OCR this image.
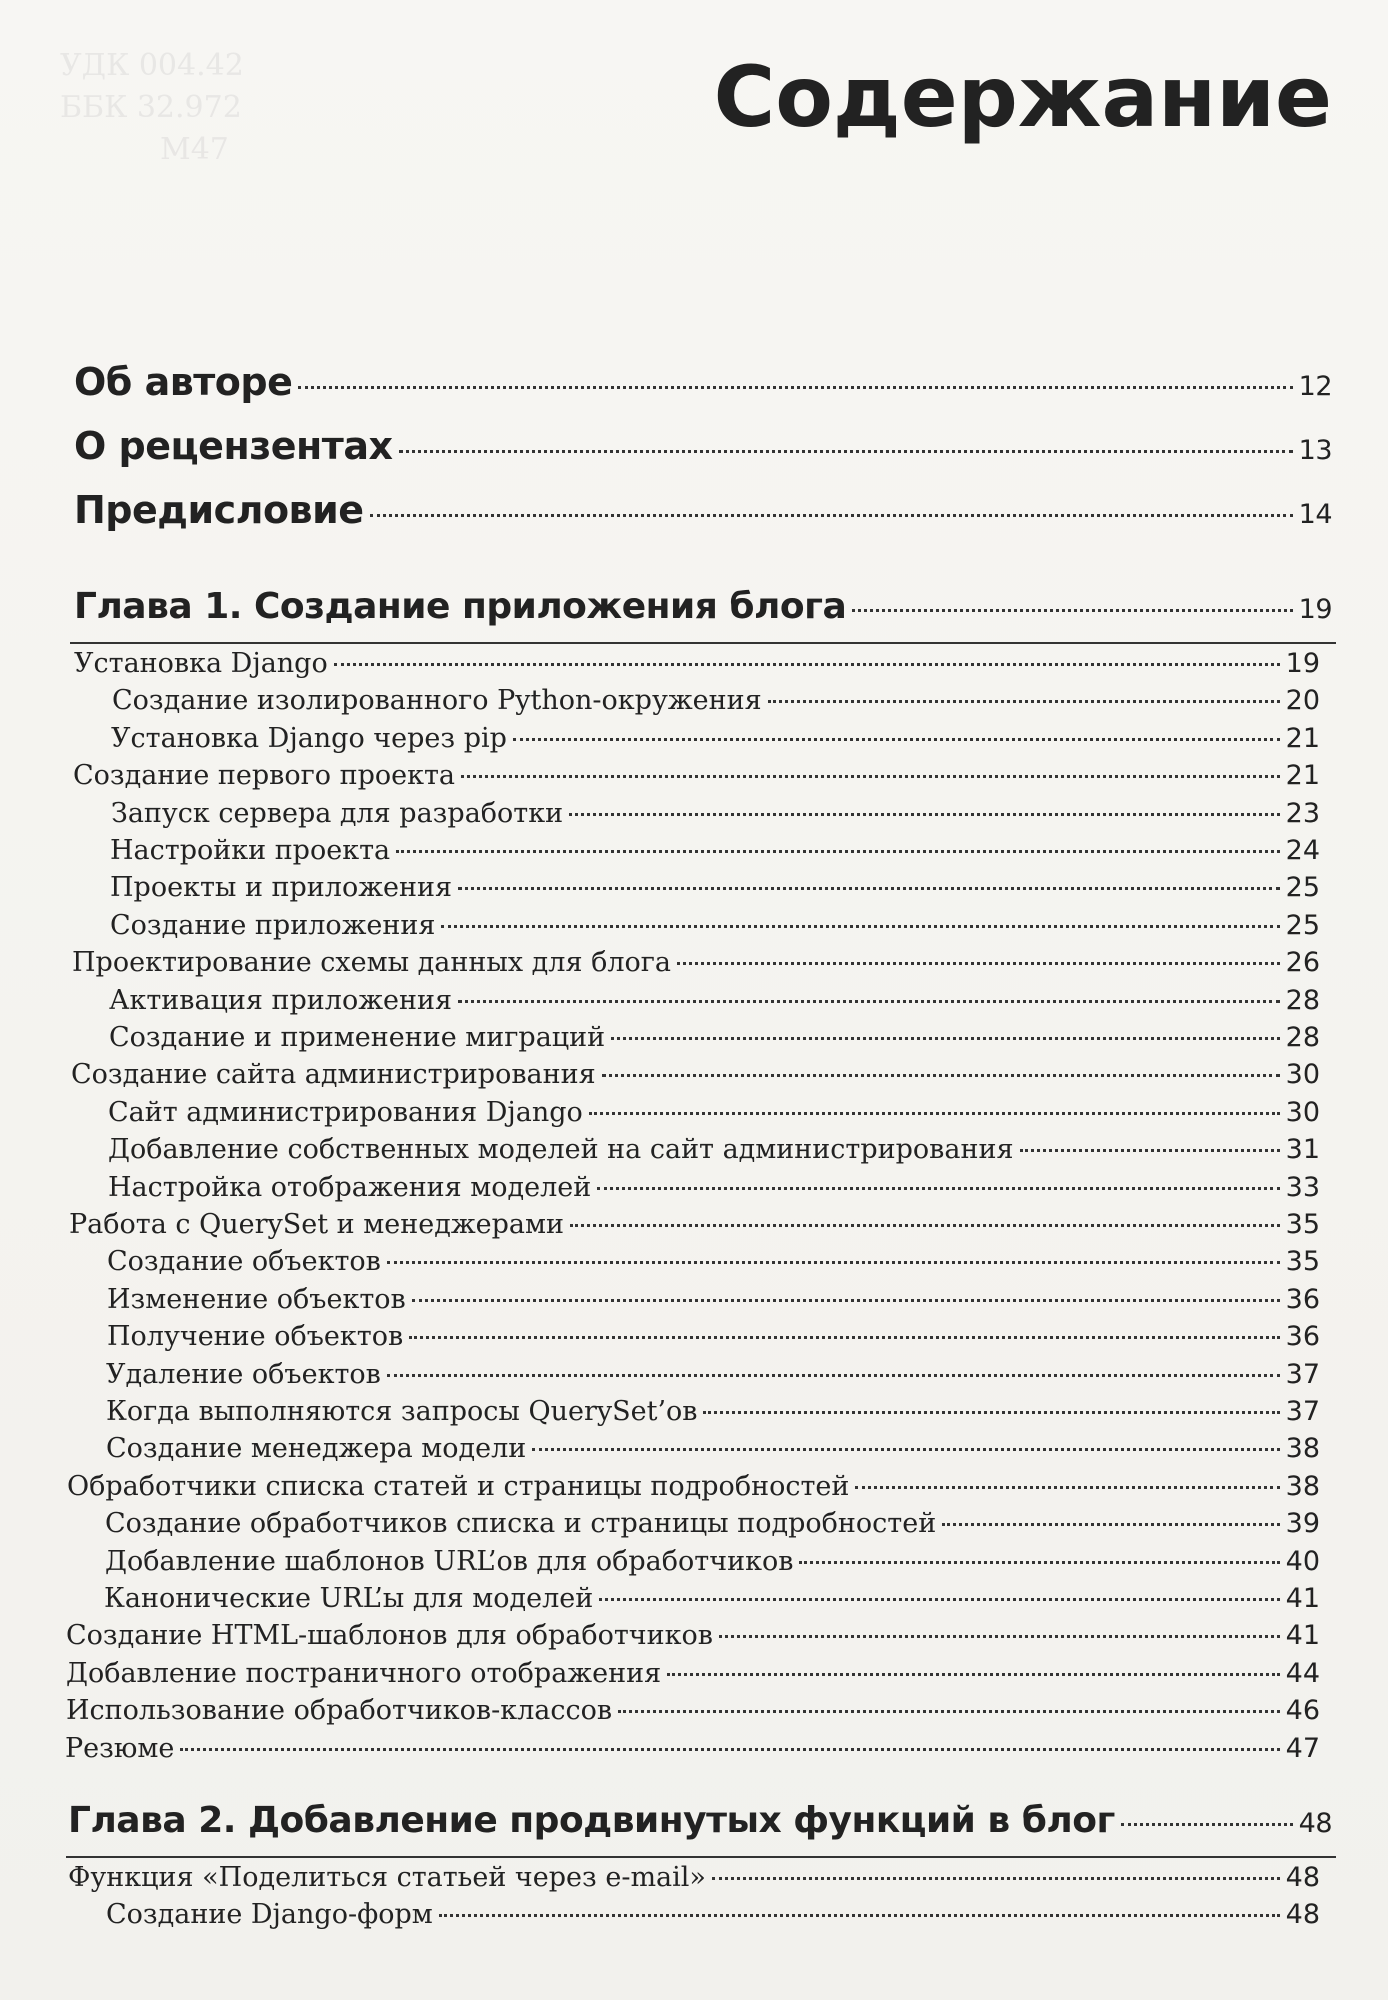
УДК 004.42
ББК 32.972
М47
Содержание
Об авторе	12
О рецензентах	13
Предисловие	14
Глава 1. Создание приложения блога	19
Установка Django	19
Создание изолированного Python-окружения	20
Установка Django через pip	21
Создание первого проекта	21
Запуск сервера для разработки	23
Настройки проекта	24
Проекты и приложения	25
Создание приложения	25
Проектирование схемы данных для блога	26
Активация приложения	28
Создание и применение миграций	28
Создание сайта администрирования	30
Сайт администрирования Django	30
Добавление собственных моделей на сайт администрирования	31
Настройка отображения моделей	33
Работа с QuerySet и менеджерами	35
Создание объектов	35
Изменение объектов	36
Получение объектов	36
Удаление объектов	37
Когда выполняются запросы QuerySet’ов	37
Создание менеджера модели	38
Обработчики списка статей и страницы подробностей	38
Создание обработчиков списка и страницы подробностей	39
Добавление шаблонов URL’ов для обработчиков	40
Канонические URL’ы для моделей	41
Создание HTML-шаблонов для обработчиков	41
Добавление постраничного отображения	44
Использование обработчиков-классов	46
Резюме	47
Глава 2. Добавление продвинутых функций в блог	48
Функция «Поделиться статьей через e-mail»	48
Создание Django-форм	48
